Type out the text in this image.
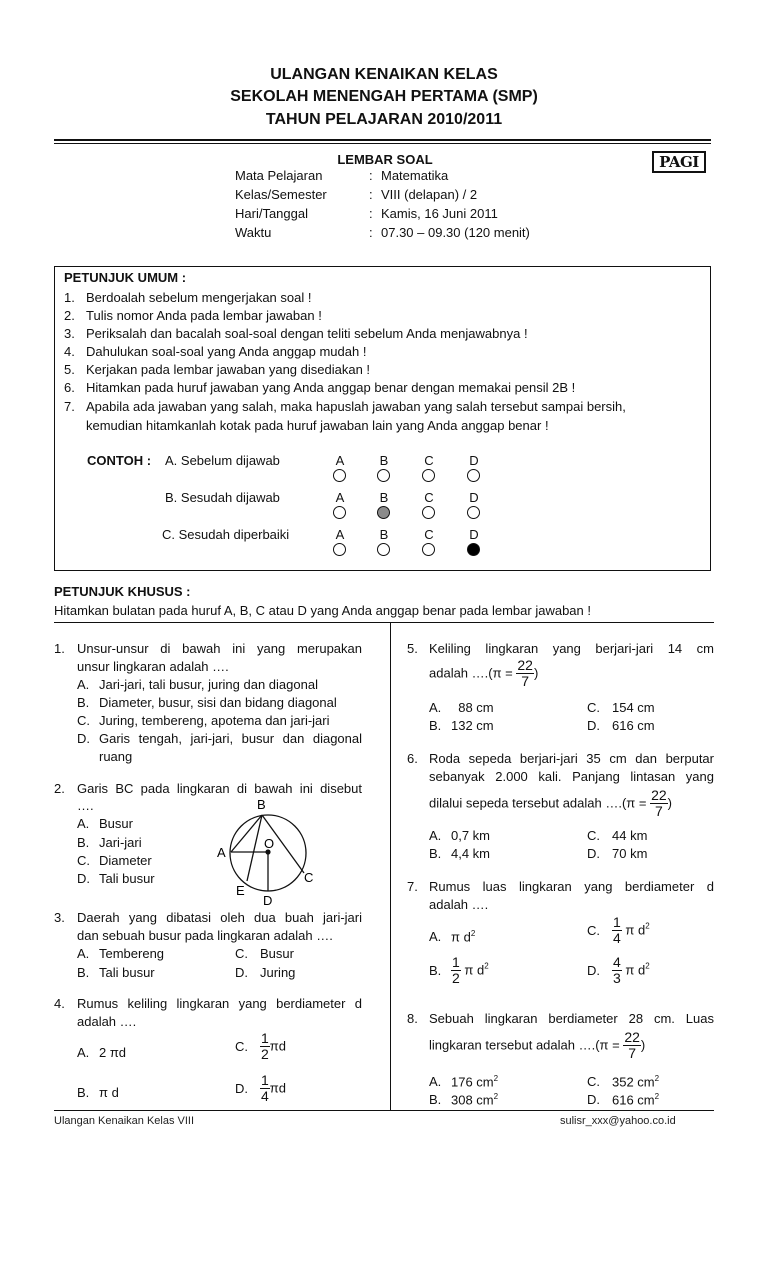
ULANGAN KENAIKAN KELAS
SEKOLAH MENENGAH PERTAMA (SMP)
TAHUN PELAJARAN 2010/2011
LEMBAR SOAL	PAGI
Mata Pelajaran	: Matematika
Kelas/Semester	: VIII (delapan) / 2
Hari/Tanggal	: Kamis, 16 Juni 2011
Waktu	: 07.30 – 09.30 (120 menit)
PETUNJUK UMUM :
1. Berdoalah sebelum mengerjakan soal !
2. Tulis nomor Anda pada lembar jawaban !
3. Periksalah dan bacalah soal-soal dengan teliti sebelum Anda menjawabnya !
4. Dahulukan soal-soal yang Anda anggap mudah !
5. Kerjakan pada lembar jawaban yang disediakan !
6. Hitamkan pada huruf jawaban yang Anda anggap benar dengan memakai pensil 2B !
7. Apabila ada jawaban yang salah, maka hapuslah jawaban yang salah tersebut sampai bersih,
kemudian hitamkanlah kotak pada huruf jawaban lain yang Anda anggap benar !
CONTOH : A. Sebelum dijawab
B. Sesudah dijawab
C. Sesudah diperbaiki
A	B	C	D
A	B	C	D
A	B	C	D
PETUNJUK KHUSUS :
Hitamkan bulatan pada huruf A, B, C atau D yang Anda anggap benar pada lembar jawaban !
1. Unsur-unsur di bawah ini yang merupakan
unsur lingkaran adalah ….
A. Jari-jari, tali busur, juring dan diagonal
B. Diameter, busur, sisi dan bidang diagonal
C. Juring, tembereng, apotema dan jari-jari
D. Garis tengah, jari-jari, busur dan diagonal
ruang
2. Garis BC pada lingkaran di bawah ini disebut
….
A. Busur
B. Jari-jari
C. Diameter
D. Tali busur
B
A
O
C
E
D
3. Daerah yang dibatasi oleh dua buah jari-jari
dan sebuah busur pada lingkaran adalah ….
A. Tembereng
B. Tali busur
C. Busur
D. Juring
4. Rumus keliling lingkaran yang berdiameter d
adalah ….
A. 2 πd
B. π d
C. $\frac{1}{2}$ πd
D. $\frac{1}{4}$ πd
5. Keliling lingkaran yang berjari-jari 14 cm
adalah ….(π = $\frac{22}{7}$ )
A.  88 cm
B. 132 cm
C. 154 cm
D. 616 cm
6. Roda sepeda berjari-jari 35 cm dan berputar
sebanyak 2.000 kali. Panjang lintasan yang
dilalui sepeda tersebut adalah ….(π = $\frac{22}{7}$ )
A. 0,7 km
B. 4,4 km
C. 44 km
D. 70 km
7. Rumus luas lingkaran yang berdiameter d
adalah ….
A. π $d^2$
B. $\frac{1}{2}$ π $d^2$
C. $\frac{1}{4}$ π $d^2$
D. $\frac{4}{3}$ π $d^2$
8. Sebuah lingkaran berdiameter 28 cm. Luas
lingkaran tersebut adalah ….(π = $\frac{22}{7}$ )
A. 176 $cm^2$
B. 308 $cm^2$
C. 352 $cm^2$
D. 616 $cm^2$
Ulangan Kenaikan Kelas VIII	sulisr_xxx@yahoo.co.id
